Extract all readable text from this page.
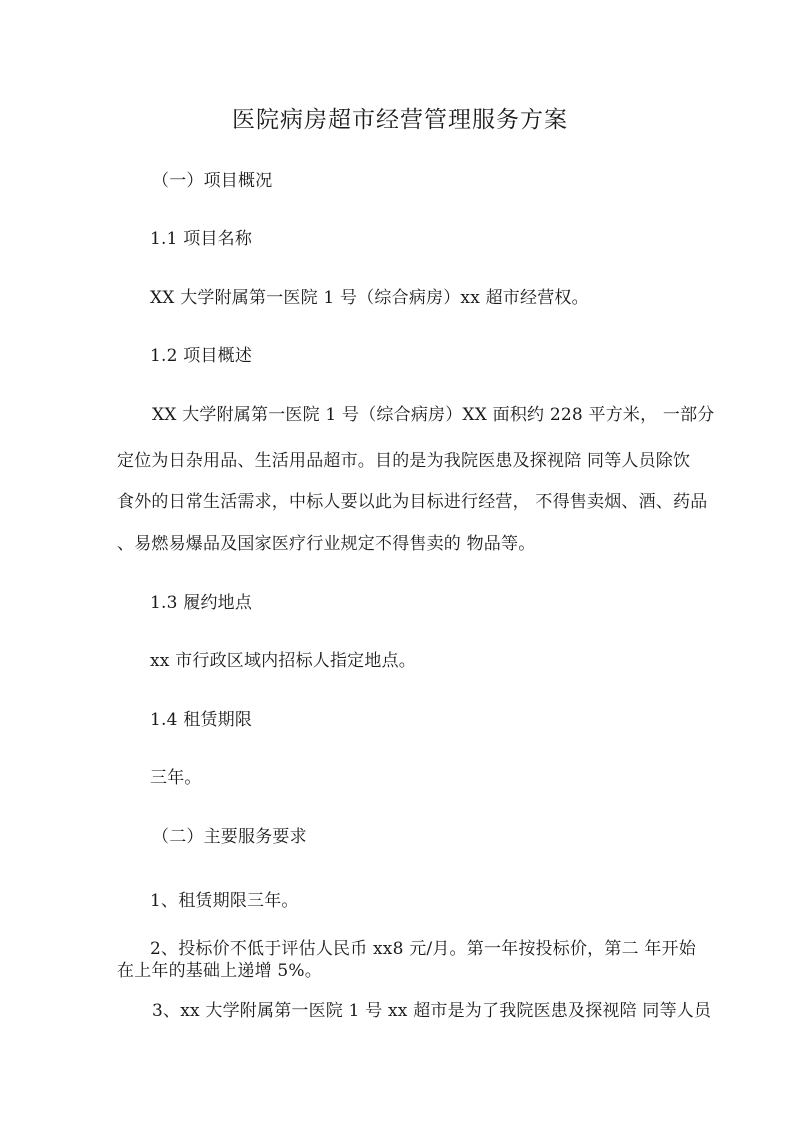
医院病房超市经营管理服务方案
（一）项目概况
1.1 项目名称
XX 大学附属第一医院 1 号（综合病房）xx 超市经营权。
1.2 项目概述
XX 大学附属第一医院 1 号（综合病房）XX 面积约 228 平方米， 一部分
定位为日杂用品、生活用品超市。目的是为我院医患及探视陪 同等人员除饮
食外的日常生活需求，中标人要以此为目标进行经营， 不得售卖烟、酒、药品
、易燃易爆品及国家医疗行业规定不得售卖的 物品等。
1.3 履约地点
xx 市行政区域内招标人指定地点。
1.4 租赁期限
三年。
（二）主要服务要求
1、租赁期限三年。
2、投标价不低于评估人民币 xx8 元/月。第一年按投标价，第二 年开始
在上年的基础上递增 5%。
3、xx 大学附属第一医院 1 号 xx 超市是为了我院医患及探视陪 同等人员
